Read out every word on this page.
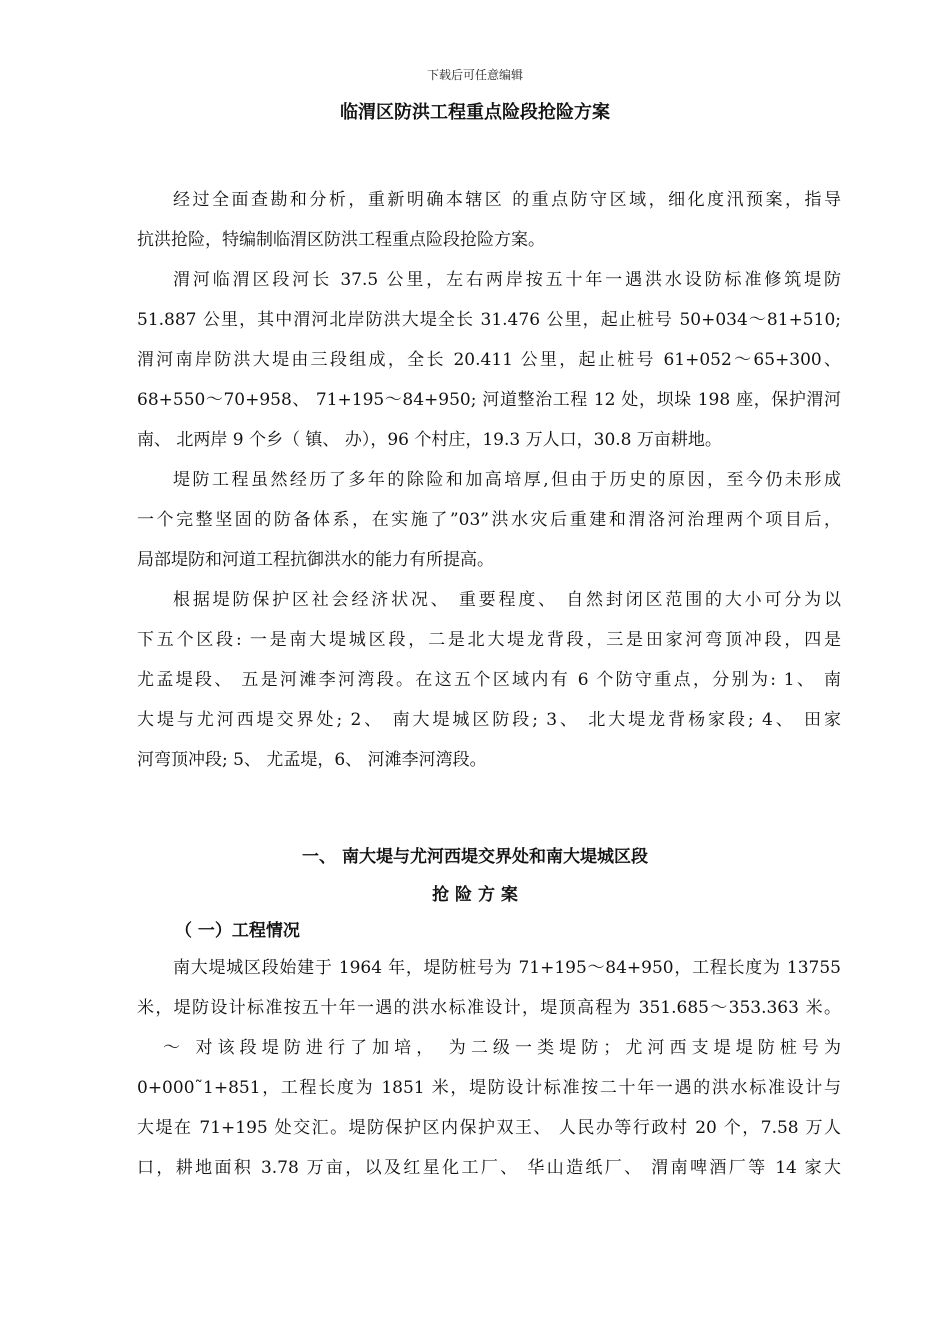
下载后可任意编辑
临渭区防洪工程重点险段抢险方案
经过全面查勘和分析，重新明确本辖区 的重点防守区域，细化度汛预案，指导
抗洪抢险，特编制临渭区防洪工程重点险段抢险方案。
渭河临渭区段河长 37.5 公里，左右两岸按五十年一遇洪水设防标准修筑堤防
51.887 公里，其中渭河北岸防洪大堤全长 31.476 公里，起止桩号 50+034～81+510;
渭河南岸防洪大堤由三段组成，全长 20.411 公里，起止桩号 61+052～65+300、
68+550～70+958、 71+195～84+950; 河道整治工程 12 处，坝垛 198 座，保护渭河
南、 北两岸 9 个乡（ 镇、 办），96 个村庄，19.3 万人口，30.8 万亩耕地。
堤防工程虽然经历了多年的除险和加高培厚,但由于历史的原因，至今仍未形成
一个完整坚固的防备体系，在实施了”03”洪水灾后重建和渭洛河治理两个项目后，
局部堤防和河道工程抗御洪水的能力有所提高。
根据堤防保护区社会经济状况、 重要程度、 自然封闭区范围的大小可分为以
下五个区段: 一是南大堤城区段，二是北大堤龙背段，三是田家河弯顶冲段，四是
尤孟堤段、 五是河滩李河湾段。在这五个区域内有 6 个防守重点，分别为: 1、 南
大堤与尤河西堤交界处; 2、 南大堤城区防段; 3、 北大堤龙背杨家段; 4、 田家
河弯顶冲段; 5、 尤孟堤，6、 河滩李河湾段。
一、 南大堤与尤河西堤交界处和南大堤城区段
抢 险 方 案
（ 一）工程情况
南大堤城区段始建于 1964 年，堤防桩号为 71+195～84+950，工程长度为 13755
米，堤防设计标准按五十年一遇的洪水标准设计，堤顶高程为 351.685～353.363 米。
～ 对该段堤防进行了加培， 为二级一类堤防；尤河西支堤堤防桩号为
0+000˜1+851，工程长度为 1851 米，堤防设计标准按二十年一遇的洪水标准设计与
大堤在 71+195 处交汇。堤防保护区内保护双王、 人民办等行政村 20 个，7.58 万人
口，耕地面积 3.78 万亩，以及红星化工厂、 华山造纸厂、 渭南啤酒厂等 14 家大
